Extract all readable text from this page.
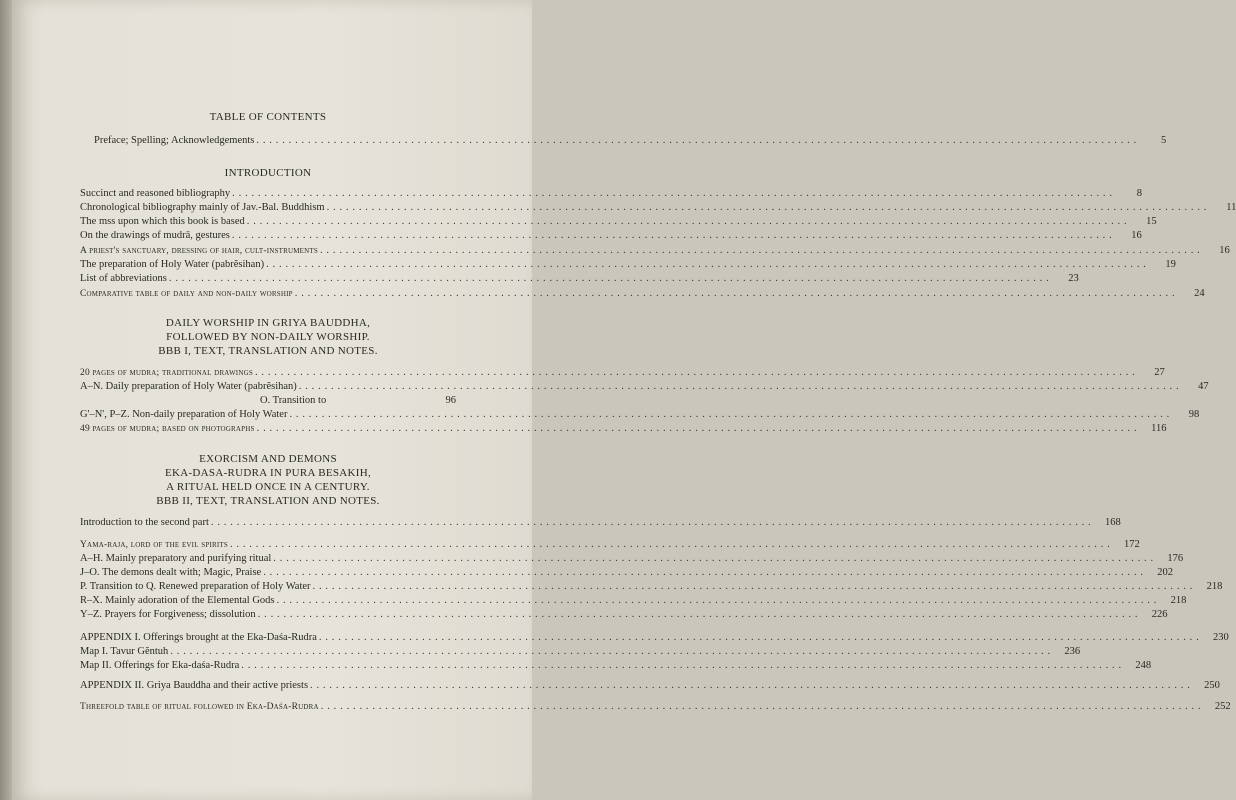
TABLE OF CONTENTS
Preface; Spelling; Acknowledgements . . .	5
INTRODUCTION
Succinct and reasoned bibliography . . .	8
Chronological bibliography mainly of Jav.-Bal. Buddhism . . .	11
The mss upon which this book is based . . .	15
On the drawings of mudrā, gestures . . .	16
A priest's sanctuary, dressing of hair, cult-instruments . . .	16
The preparation of Holy Water (pabrĕsihan) . . .	19
List of abbreviations . . .	23
Comparative table of daily and non-daily worship . . .	24
DAILY WORSHIP IN GRIYA BAUDDHA,
FOLLOWED BY NON-DAILY WORSHIP.
BBB I, TEXT, TRANSLATION AND NOTES.
20 pages of mudra; traditional drawings . . .	27
A–N. Daily preparation of Holy Water (pabrĕsihan) . . .	47
O. Transition to	96
G'–N', P–Z. Non-daily preparation of Holy Water . . .	98
49 pages of mudra; based on photographs . . .	116
EXORCISM AND DEMONS
EKA-DASA-RUDRA IN PURA BESAKIH,
A RITUAL HELD ONCE IN A CENTURY.
BBB II, TEXT, TRANSLATION AND NOTES.
Introduction to the second part . . .	168
Yama-raja, lord of the evil spirits . . .	172
A–H. Mainly preparatory and purifying ritual . . .	176
J–O. The demons dealt with; Magic, Praise . . .	202
P. Transition to Q. Renewed preparation of Holy Water . . .	218
R–X. Mainly adoration of the Elemental Gods . . .	218
Y–Z. Prayers for Forgiveness; dissolution . . .	226
APPENDIX I. Offerings brought at the Eka-Daśa-Rudra . . .	230
Map I. Tavur Gĕntuh . . .	236
Map II. Offerings for Eka-daśa-Rudra . . .	248
APPENDIX II. Griya Bauddha and their active priests . . .	250
Threefold table of ritual followed in Eka-Daśa-Rudra . . .	252
